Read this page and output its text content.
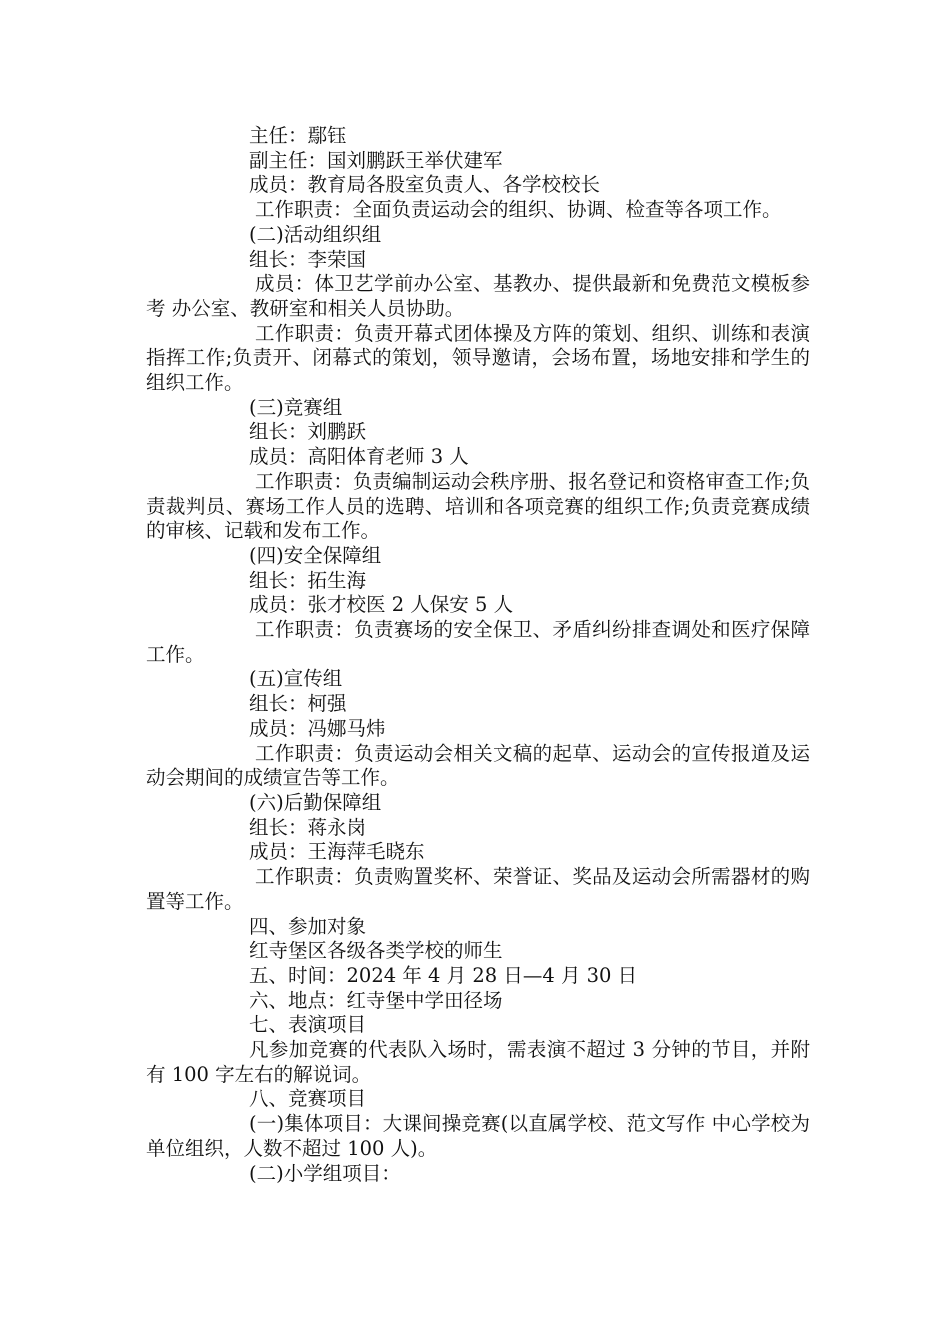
主任：鄢钰

副主任：国刘鹏跃王举伏建军

成员：教育局各股室负责人、各学校校长

工作职责：全面负责运动会的组织、协调、检查等各项工作。

(二)活动组织组

组长：李荣国

成员：体卫艺学前办公室、基教办、提供最新和免费范文模板参考 办公室、教研室和相关人员协助。

工作职责：负责开幕式团体操及方阵的策划、组织、训练和表演指挥工作;负责开、闭幕式的策划，领导邀请，会场布置，场地安排和学生的组织工作。

(三)竞赛组

组长：刘鹏跃

成员：高阳体育老师 3 人

工作职责：负责编制运动会秩序册、报名登记和资格审查工作;负责裁判员、赛场工作人员的选聘、培训和各项竞赛的组织工作;负责竞赛成绩的审核、记载和发布工作。

(四)安全保障组

组长：拓生海

成员：张才校医 2 人保安 5 人

工作职责：负责赛场的安全保卫、矛盾纠纷排查调处和医疗保障工作。

(五)宣传组

组长：柯强

成员：冯娜马炜

工作职责：负责运动会相关文稿的起草、运动会的宣传报道及运动会期间的成绩宣告等工作。

(六)后勤保障组

组长：蒋永岗

成员：王海萍毛晓东

工作职责：负责购置奖杯、荣誉证、奖品及运动会所需器材的购置等工作。

四、参加对象

红寺堡区各级各类学校的师生

五、时间：2024 年 4 月 28 日—4 月 30 日

六、地点：红寺堡中学田径场

七、表演项目

凡参加竞赛的代表队入场时，需表演不超过 3 分钟的节目，并附有 100 字左右的解说词。

八、竞赛项目

(一)集体项目：大课间操竞赛(以直属学校、范文写作 中心学校为单位组织，人数不超过 100 人)。

(二)小学组项目：
